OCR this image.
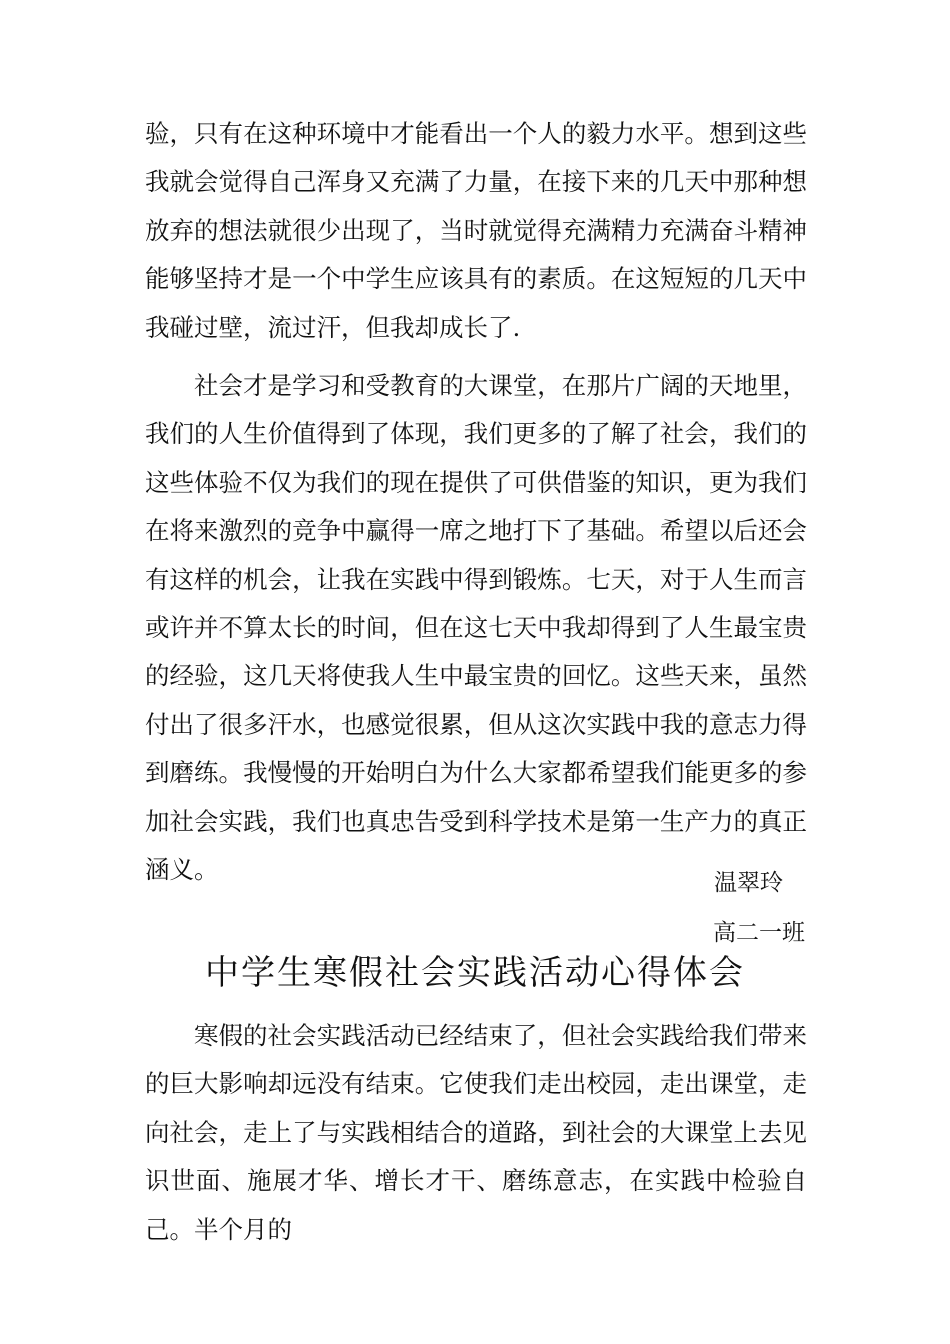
验，只有在这种环境中才能看出一个人的毅力水平。想到这些我就会觉得自己浑身又充满了力量，在接下来的几天中那种想放弃的想法就很少出现了，当时就觉得充满精力充满奋斗精神能够坚持才是一个中学生应该具有的素质。在这短短的几天中我碰过壁，流过汗，但我却成长了.

社会才是学习和受教育的大课堂，在那片广阔的天地里，我们的人生价值得到了体现，我们更多的了解了社会，我们的这些体验不仅为我们的现在提供了可供借鉴的知识，更为我们在将来激烈的竞争中赢得一席之地打下了基础。希望以后还会有这样的机会，让我在实践中得到锻炼。七天，对于人生而言或许并不算太长的时间，但在这七天中我却得到了人生最宝贵的经验，这几天将使我人生中最宝贵的回忆。这些天来，虽然付出了很多汗水，也感觉很累，但从这次实践中我的意志力得到磨练。我慢慢的开始明白为什么大家都希望我们能更多的参加社会实践，我们也真忠告受到科学技术是第一生产力的真正涵义。	温翠玲
高二一班
中学生寒假社会实践活动心得体会

寒假的社会实践活动已经结束了，但社会实践给我们带来的巨大影响却远没有结束。它使我们走出校园，走出课堂，走向社会，走上了与实践相结合的道路，到社会的大课堂上去见识世面、施展才华、增长才干、磨练意志，在实践中检验自己。半个月的
